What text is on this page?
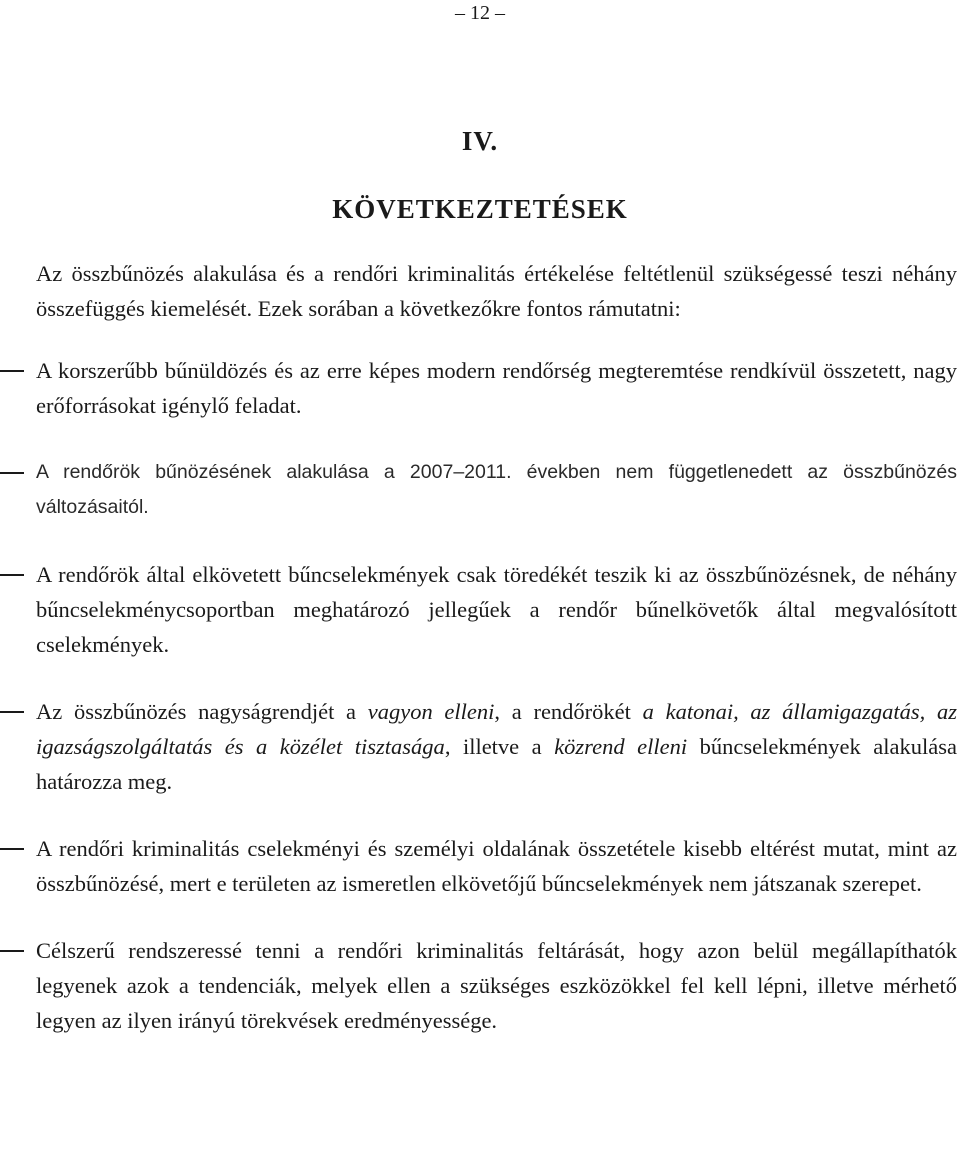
– 12 –
IV.
KÖVETKEZTETÉSEK

Az összbűnözés alakulása és a rendőri kriminalitás értékelése feltétlenül szükségessé teszi néhány összefüggés kiemelését. Ezek sorában a következőkre fontos rámutatni:

A korszerűbb bűnüldözés és az erre képes modern rendőrség megteremtése rendkívül összetett, nagy erőforrásokat igénylő feladat.
A rendőrök bűnözésének alakulása a 2007–2011. években nem függetlenedett az összbűnözés változásaitól.
A rendőrök által elkövetett bűncselekmények csak töredékét teszik ki az összbűnözésnek, de néhány bűncselekménycsoportban meghatározó jellegűek a rendőr bűnelkövetők által megvalósított cselekmények.
Az összbűnözés nagyságrendjét a vagyon elleni, a rendőrökét a katonai, az államigazgatás, az igazságszolgáltatás és a közélet tisztasága, illetve a közrend elleni bűncselekmények alakulása határozza meg.
A rendőri kriminalitás cselekményi és személyi oldalának összetétele kisebb eltérést mutat, mint az összbűnözésé, mert e területen az ismeretlen elkövetőjű bűncselekmények nem játszanak szerepet.
Célszerű rendszeressé tenni a rendőri kriminalitás feltárását, hogy azon belül megállapíthatók legyenek azok a tendenciák, melyek ellen a szükséges eszközökkel fel kell lépni, illetve mérhető legyen az ilyen irányú törekvések eredményessége.
